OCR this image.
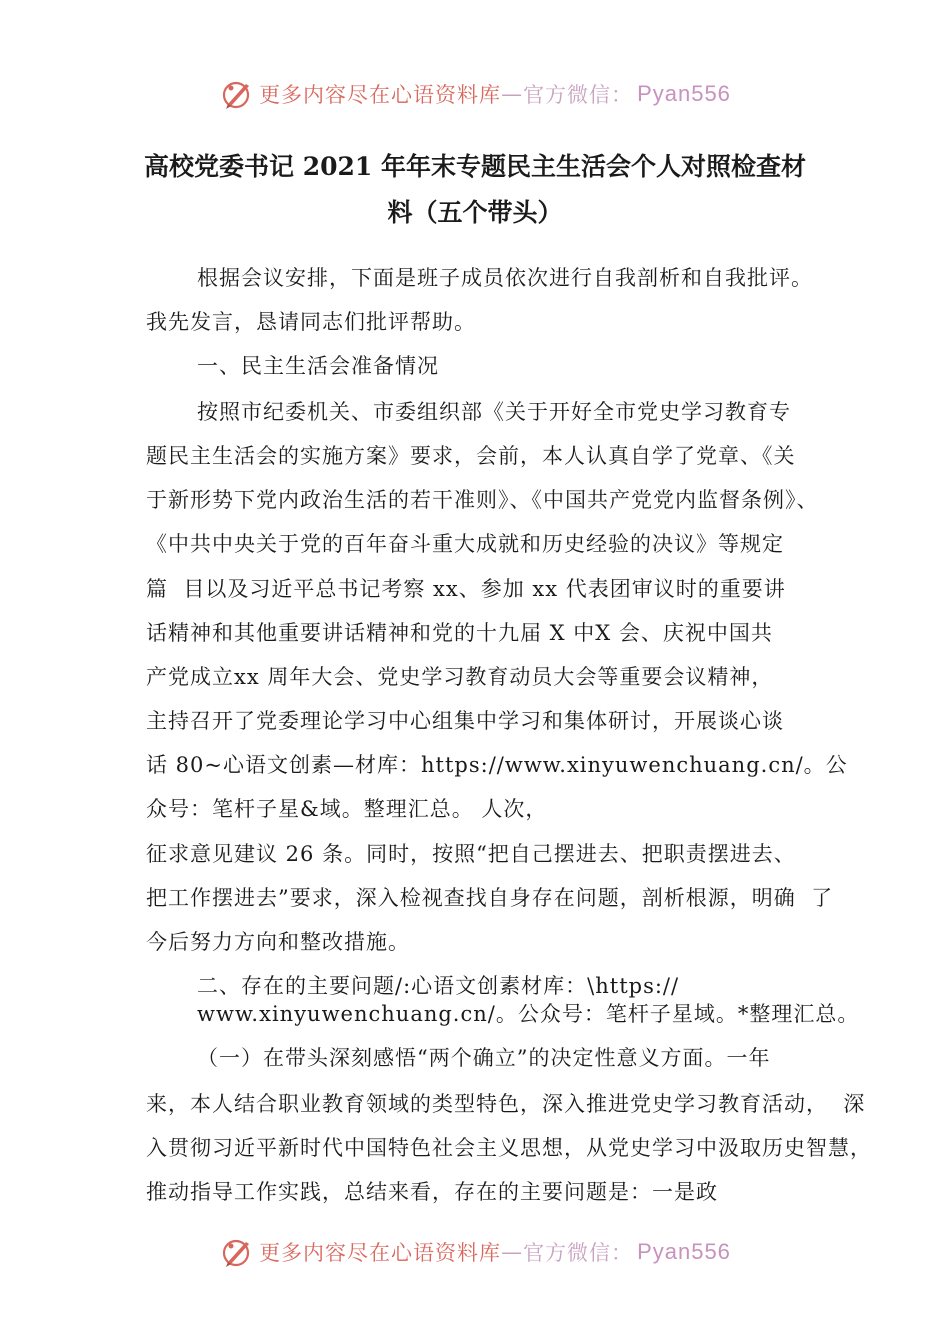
更多内容尽在心语资料库 — 官方微信： Pyan556
高校党委书记 2021 年年末专题民主生活会个人对照检查材
料（五个带头）
根据会议安排，下面是班子成员依次进行自我剖析和自我批评。
我先发言，恳请同志们批评帮助。
一、民主生活会准备情况
按照市纪委机关、市委组织部《关于开好全市党史学习教育专
题民主生活会的实施方案》要求，会前，本人认真自学了党章、《关
于新形势下党内政治生活的若干准则》、《中国共产党党内监督条例》、
《中共中央关于党的百年奋斗重大成就和历史经验的决议》等规定
篇  目以及习近平总书记考察 xx、参加 xx 代表团审议时的重要讲
话精神和其他重要讲话精神和党的十九届 X 中X 会、庆祝中国共
产党成立xx 周年大会、党史学习教育动员大会等重要会议精神，
主持召开了党委理论学习中心组集中学习和集体研讨，开展谈心谈
话 80~心语文创素—材库：https://www.xinyuwenchuang.cn/。公
众号：笔杆子星&域。整理汇总。 人次，
征求意见建议 26 条。同时，按照“把自己摆进去、把职责摆进去、
把工作摆进去”要求，深入检视查找自身存在问题，剖析根源，明确  了
今后努力方向和整改措施。
二、存在的主要问题/:心语文创素材库：\https://
www.xinyuwenchuang.cn/。公众号：笔杆子星域。*整理汇总。
（一）在带头深刻感悟“两个确立”的决定性意义方面。一年
来，本人结合职业教育领域的类型特色，深入推进党史学习教育活动，  深
入贯彻习近平新时代中国特色社会主义思想，从党史学习中汲取历史智慧，
推动指导工作实践，总结来看，存在的主要问题是：一是政
更多内容尽在心语资料库 — 官方微信： Pyan556
